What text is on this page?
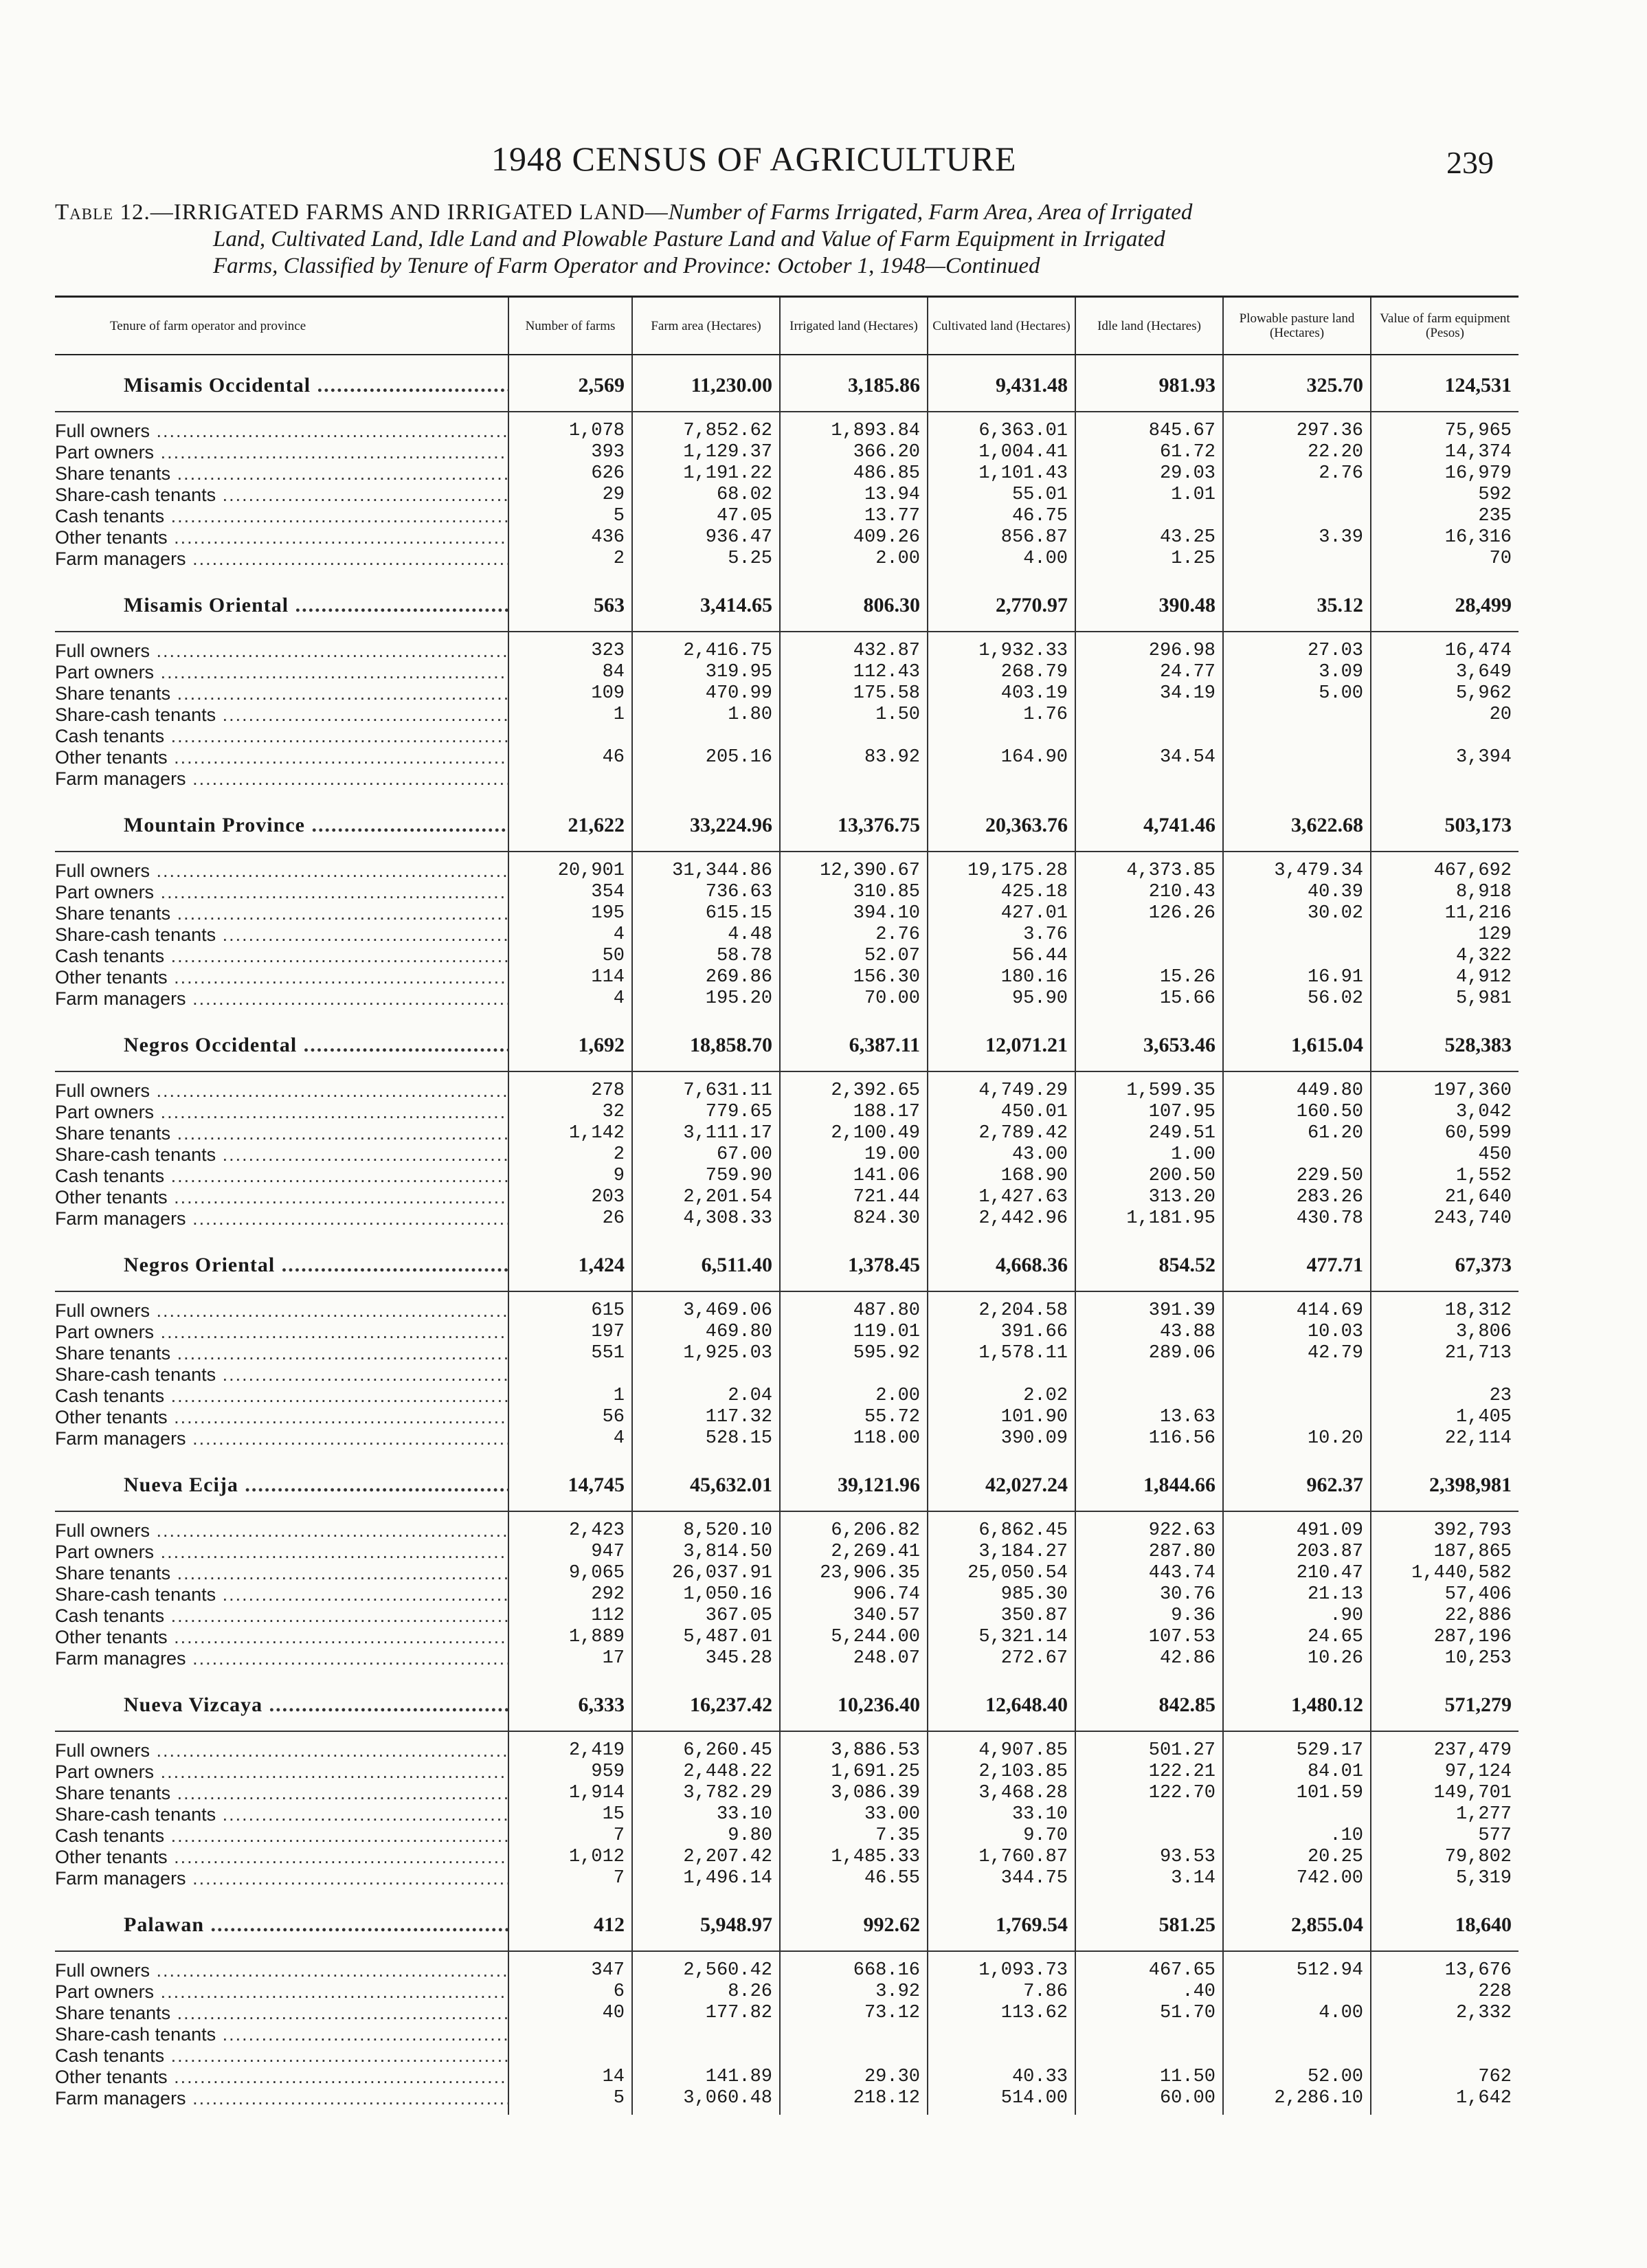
1948 CENSUS OF AGRICULTURE	239
Table 12.—IRRIGATED FARMS AND IRRIGATED LAND—Number of Farms Irrigated, Farm Area, Area of Irrigated
Land, Cultivated Land, Idle Land and Plowable Pasture Land and Value of Farm Equipment in Irrigated
Farms, Classified by Tenure of Farm Operator and Province: October 1, 1948—Continued
Tenure of farm operator and province	Number of farms	Farm area (Hectares)	Irrigated land (Hectares)	Cultivated land (Hectares)	Idle land (Hectares)	Plowable pasture land (Hectares)	Value of farm equipment (Pesos)
Misamis Occidental .....	2,569	11,230.00	3,185.86	9,431.48	981.93	325.70	124,531
Full owners .....	1,078	7,852.62	1,893.84	6,363.01	845.67	297.36	75,965
Part owners .....	393	1,129.37	366.20	1,004.41	61.72	22.20	14,374
Share tenants .....	626	1,191.22	486.85	1,101.43	29.03	2.76	16,979
Share-cash tenants .....	29	68.02	13.94	55.01	1.01		592
Cash tenants .....	5	47.05	13.77	46.75			235
Other tenants .....	436	936.47	409.26	856.87	43.25	3.39	16,316
Farm managers .....	2	5.25	2.00	4.00	1.25		70
Misamis Oriental .....	563	3,414.65	806.30	2,770.97	390.48	35.12	28,499
Full owners .....	323	2,416.75	432.87	1,932.33	296.98	27.03	16,474
Part owners .....	84	319.95	112.43	268.79	24.77	3.09	3,649
Share tenants .....	109	470.99	175.58	403.19	34.19	5.00	5,962
Share-cash tenants .....	1	1.80	1.50	1.76			20
Cash tenants .....							
Other tenants .....	46	205.16	83.92	164.90	34.54		3,394
Farm managers .....							
Mountain Province .....	21,622	33,224.96	13,376.75	20,363.76	4,741.46	3,622.68	503,173
Full owners .....	20,901	31,344.86	12,390.67	19,175.28	4,373.85	3,479.34	467,692
Part owners .....	354	736.63	310.85	425.18	210.43	40.39	8,918
Share tenants .....	195	615.15	394.10	427.01	126.26	30.02	11,216
Share-cash tenants .....	4	4.48	2.76	3.76			129
Cash tenants .....	50	58.78	52.07	56.44			4,322
Other tenants .....	114	269.86	156.30	180.16	15.26	16.91	4,912
Farm managers .....	4	195.20	70.00	95.90	15.66	56.02	5,981
Negros Occidental .....	1,692	18,858.70	6,387.11	12,071.21	3,653.46	1,615.04	528,383
Full owners .....	278	7,631.11	2,392.65	4,749.29	1,599.35	449.80	197,360
Part owners .....	32	779.65	188.17	450.01	107.95	160.50	3,042
Share tenants .....	1,142	3,111.17	2,100.49	2,789.42	249.51	61.20	60,599
Share-cash tenants .....	2	67.00	19.00	43.00	1.00		450
Cash tenants .....	9	759.90	141.06	168.90	200.50	229.50	1,552
Other tenants .....	203	2,201.54	721.44	1,427.63	313.20	283.26	21,640
Farm managers .....	26	4,308.33	824.30	2,442.96	1,181.95	430.78	243,740
Negros Oriental .....	1,424	6,511.40	1,378.45	4,668.36	854.52	477.71	67,373
Full owners .....	615	3,469.06	487.80	2,204.58	391.39	414.69	18,312
Part owners .....	197	469.80	119.01	391.66	43.88	10.03	3,806
Share tenants .....	551	1,925.03	595.92	1,578.11	289.06	42.79	21,713
Share-cash tenants .....							
Cash tenants .....	1	2.04	2.00	2.02			23
Other tenants .....	56	117.32	55.72	101.90	13.63		1,405
Farm managers .....	4	528.15	118.00	390.09	116.56	10.20	22,114
Nueva Ecija .....	14,745	45,632.01	39,121.96	42,027.24	1,844.66	962.37	2,398,981
Full owners .....	2,423	8,520.10	6,206.82	6,862.45	922.63	491.09	392,793
Part owners .....	947	3,814.50	2,269.41	3,184.27	287.80	203.87	187,865
Share tenants .....	9,065	26,037.91	23,906.35	25,050.54	443.74	210.47	1,440,582
Share-cash tenants .....	292	1,050.16	906.74	985.30	30.76	21.13	57,406
Cash tenants .....	112	367.05	340.57	350.87	9.36	.90	22,886
Other tenants .....	1,889	5,487.01	5,244.00	5,321.14	107.53	24.65	287,196
Farm managres .....	17	345.28	248.07	272.67	42.86	10.26	10,253
Nueva Vizcaya .....	6,333	16,237.42	10,236.40	12,648.40	842.85	1,480.12	571,279
Full owners .....	2,419	6,260.45	3,886.53	4,907.85	501.27	529.17	237,479
Part owners .....	959	2,448.22	1,691.25	2,103.85	122.21	84.01	97,124
Share tenants .....	1,914	3,782.29	3,086.39	3,468.28	122.70	101.59	149,701
Share-cash tenants .....	15	33.10	33.00	33.10			1,277
Cash tenants .....	7	9.80	7.35	9.70		.10	577
Other tenants .....	1,012	2,207.42	1,485.33	1,760.87	93.53	20.25	79,802
Farm managers .....	7	1,496.14	46.55	344.75	3.14	742.00	5,319
Palawan .....	412	5,948.97	992.62	1,769.54	581.25	2,855.04	18,640
Full owners .....	347	2,560.42	668.16	1,093.73	467.65	512.94	13,676
Part owners .....	6	8.26	3.92	7.86	.40		228
Share tenants .....	40	177.82	73.12	113.62	51.70	4.00	2,332
Share-cash tenants .....							
Cash tenants .....							
Other tenants .....	14	141.89	29.30	40.33	11.50	52.00	762
Farm managers .....	5	3,060.48	218.12	514.00	60.00	2,286.10	1,642
